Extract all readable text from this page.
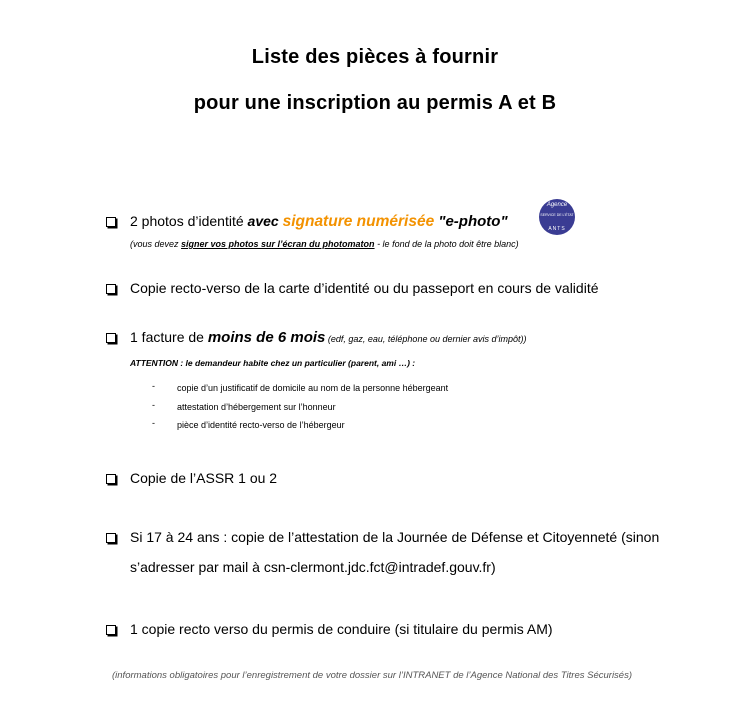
Liste des pièces à fournir
pour une inscription au permis A et B
2 photos d’identité avec signature numérisée "e-photo"
(vous devez signer vos photos sur l’écran du photomaton - le fond de la photo doit être blanc)
Agence
SERVICE DE L'ÉTAT
ANTS
Copie recto-verso de la carte d’identité ou du passeport en cours de validité
1 facture de moins de 6 mois (edf, gaz, eau, téléphone ou dernier avis d’impôt))
ATTENTION : le demandeur habite chez un particulier (parent, ami …) :
- copie d’un justificatif de domicile au nom de la personne hébergeant
- attestation d’hébergement sur l’honneur
- pièce d’identité recto-verso de l’hébergeur
Copie de l’ASSR 1 ou 2
Si 17 à 24 ans : copie de l’attestation de la Journée de Défense et Citoyenneté (sinon
s’adresser par mail à csn-clermont.jdc.fct@intradef.gouv.fr)
1 copie recto verso du permis de conduire (si titulaire du permis AM)
(informations obligatoires pour l’enregistrement de votre dossier sur l’INTRANET de l’Agence National des Titres Sécurisés)
